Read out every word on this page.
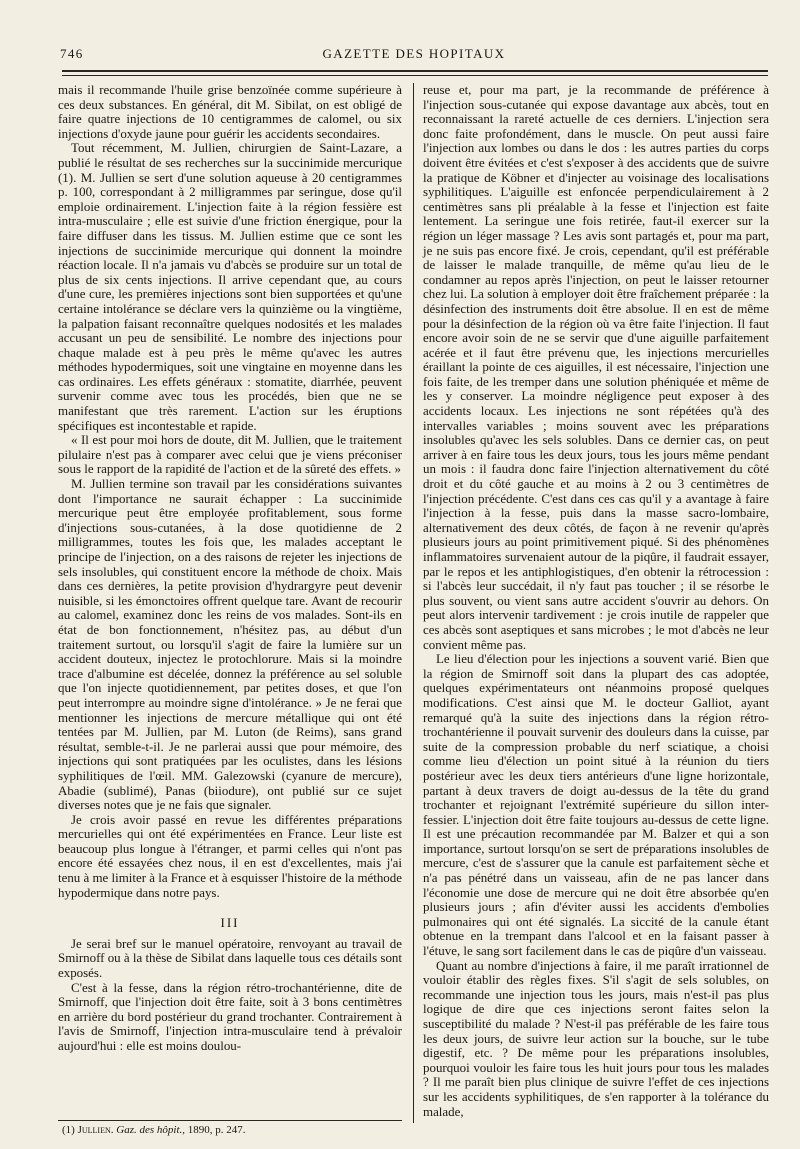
746	GAZETTE DES HOPITAUX

mais il recommande l'huile grise benzoïnée comme supérieure à ces deux substances. En général, dit M. Sibilat, on est obligé de faire quatre injections de 10 centigrammes de calomel, ou six injections d'oxyde jaune pour guérir les accidents secondaires.

Tout récemment, M. Jullien, chirurgien de Saint-Lazare, a publié le résultat de ses recherches sur la succinimide mercurique (1). M. Jullien se sert d'une solution aqueuse à 20 centigrammes p. 100, correspondant à 2 milligrammes par seringue, dose qu'il emploie ordinairement. L'injection faite à la région fessière est intra-musculaire ; elle est suivie d'une friction énergique, pour la faire diffuser dans les tissus. M. Jullien estime que ce sont les injections de succinimide mercurique qui donnent la moindre réaction locale. Il n'a jamais vu d'abcès se produire sur un total de plus de six cents injections. Il arrive cependant que, au cours d'une cure, les premières injections sont bien supportées et qu'une certaine intolérance se déclare vers la quinzième ou la vingtième, la palpation faisant reconnaître quelques nodosités et les malades accusant un peu de sensibilité. Le nombre des injections pour chaque malade est à peu près le même qu'avec les autres méthodes hypodermiques, soit une vingtaine en moyenne dans les cas ordinaires. Les effets généraux : stomatite, diarrhée, peuvent survenir comme avec tous les procédés, bien que ne se manifestant que très rarement. L'action sur les éruptions spécifiques est incontestable et rapide.

« Il est pour moi hors de doute, dit M. Jullien, que le traitement pilulaire n'est pas à comparer avec celui que je viens préconiser sous le rapport de la rapidité de l'action et de la sûreté des effets. »

M. Jullien termine son travail par les considérations suivantes dont l'importance ne saurait échapper : La succinimide mercurique peut être employée profitablement, sous forme d'injections sous-cutanées, à la dose quotidienne de 2 milligrammes, toutes les fois que, les malades acceptant le principe de l'injection, on a des raisons de rejeter les injections de sels insolubles, qui constituent encore la méthode de choix. Mais dans ces dernières, la petite provision d'hydrargyre peut devenir nuisible, si les émonctoires offrent quelque tare. Avant de recourir au calomel, examinez donc les reins de vos malades. Sont-ils en état de bon fonctionnement, n'hésitez pas, au début d'un traitement surtout, ou lorsqu'il s'agit de faire la lumière sur un accident douteux, injectez le protochlorure. Mais si la moindre trace d'albumine est décelée, donnez la préférence au sel soluble que l'on injecte quotidiennement, par petites doses, et que l'on peut interrompre au moindre signe d'intolérance. » Je ne ferai que mentionner les injections de mercure métallique qui ont été tentées par M. Jullien, par M. Luton (de Reims), sans grand résultat, semble-t-il. Je ne parlerai aussi que pour mémoire, des injections qui sont pratiquées par les oculistes, dans les lésions syphilitiques de l'œil. MM. Galezowski (cyanure de mercure), Abadie (sublimé), Panas (biiodure), ont publié sur ce sujet diverses notes que je ne fais que signaler.

Je crois avoir passé en revue les différentes préparations mercurielles qui ont été expérimentées en France. Leur liste est beaucoup plus longue à l'étranger, et parmi celles qui n'ont pas encore été essayées chez nous, il en est d'excellentes, mais j'ai tenu à me limiter à la France et à esquisser l'histoire de la méthode hypodermique dans notre pays.

III

Je serai bref sur le manuel opératoire, renvoyant au travail de Smirnoff ou à la thèse de Sibilat dans laquelle tous ces détails sont exposés.

C'est à la fesse, dans la région rétro-trochantérienne, dite de Smirnoff, que l'injection doit être faite, soit à 3 bons centimètres en arrière du bord postérieur du grand trochanter. Contrairement à l'avis de Smirnoff, l'injection intra-musculaire tend à prévaloir aujourd'hui : elle est moins doulou-

reuse et, pour ma part, je la recommande de préférence à l'injection sous-cutanée qui expose davantage aux abcès, tout en reconnaissant la rareté actuelle de ces derniers. L'injection sera donc faite profondément, dans le muscle. On peut aussi faire l'injection aux lombes ou dans le dos : les autres parties du corps doivent être évitées et c'est s'exposer à des accidents que de suivre la pratique de Köbner et d'injecter au voisinage des localisations syphilitiques. L'aiguille est enfoncée perpendiculairement à 2 centimètres sans pli préalable à la fesse et l'injection est faite lentement. La seringue une fois retirée, faut-il exercer sur la région un léger massage ? Les avis sont partagés et, pour ma part, je ne suis pas encore fixé. Je crois, cependant, qu'il est préférable de laisser le malade tranquille, de même qu'au lieu de le condamner au repos après l'injection, on peut le laisser retourner chez lui. La solution à employer doit être fraîchement préparée : la désinfection des instruments doit être absolue. Il en est de même pour la désinfection de la région où va être faite l'injection. Il faut encore avoir soin de ne se servir que d'une aiguille parfaitement acérée et il faut être prévenu que, les injections mercurielles éraillant la pointe de ces aiguilles, il est nécessaire, l'injection une fois faite, de les tremper dans une solution phéniquée et même de les y conserver. La moindre négligence peut exposer à des accidents locaux. Les injections ne sont répétées qu'à des intervalles variables ; moins souvent avec les préparations insolubles qu'avec les sels solubles. Dans ce dernier cas, on peut arriver à en faire tous les deux jours, tous les jours même pendant un mois : il faudra donc faire l'injection alternativement du côté droit et du côté gauche et au moins à 2 ou 3 centimètres de l'injection précédente. C'est dans ces cas qu'il y a avantage à faire l'injection à la fesse, puis dans la masse sacro-lombaire, alternativement des deux côtés, de façon à ne revenir qu'après plusieurs jours au point primitivement piqué. Si des phénomènes inflammatoires survenaient autour de la piqûre, il faudrait essayer, par le repos et les antiphlogistiques, d'en obtenir la rétrocession : si l'abcès leur succédait, il n'y faut pas toucher ; il se résorbe le plus souvent, ou vient sans autre accident s'ouvrir au dehors. On peut alors intervenir tardivement : je crois inutile de rappeler que ces abcès sont aseptiques et sans microbes ; le mot d'abcès ne leur convient même pas.

Le lieu d'élection pour les injections a souvent varié. Bien que la région de Smirnoff soit dans la plupart des cas adoptée, quelques expérimentateurs ont néanmoins proposé quelques modifications. C'est ainsi que M. le docteur Galliot, ayant remarqué qu'à la suite des injections dans la région rétro-trochantérienne il pouvait survenir des douleurs dans la cuisse, par suite de la compression probable du nerf sciatique, a choisi comme lieu d'élection un point situé à la réunion du tiers postérieur avec les deux tiers antérieurs d'une ligne horizontale, partant à deux travers de doigt au-dessus de la tête du grand trochanter et rejoignant l'extrémité supérieure du sillon inter-fessier. L'injection doit être faite toujours au-dessus de cette ligne. Il est une précaution recommandée par M. Balzer et qui a son importance, surtout lorsqu'on se sert de préparations insolubles de mercure, c'est de s'assurer que la canule est parfaitement sèche et n'a pas pénétré dans un vaisseau, afin de ne pas lancer dans l'économie une dose de mercure qui ne doit être absorbée qu'en plusieurs jours ; afin d'éviter aussi les accidents d'embolies pulmonaires qui ont été signalés. La siccité de la canule étant obtenue en la trempant dans l'alcool et en la faisant passer à l'étuve, le sang sort facilement dans le cas de piqûre d'un vaisseau.

Quant au nombre d'injections à faire, il me paraît irrationnel de vouloir établir des règles fixes. S'il s'agit de sels solubles, on recommande une injection tous les jours, mais n'est-il pas plus logique de dire que ces injections seront faites selon la susceptibilité du malade ? N'est-il pas préférable de les faire tous les deux jours, de suivre leur action sur la bouche, sur le tube digestif, etc. ? De même pour les préparations insolubles, pourquoi vouloir les faire tous les huit jours pour tous les malades ? Il me paraît bien plus clinique de suivre l'effet de ces injections sur les accidents syphilitiques, de s'en rapporter à la tolérance du malade,

(1) Jullien. Gaz. des hôpit., 1890, p. 247.
